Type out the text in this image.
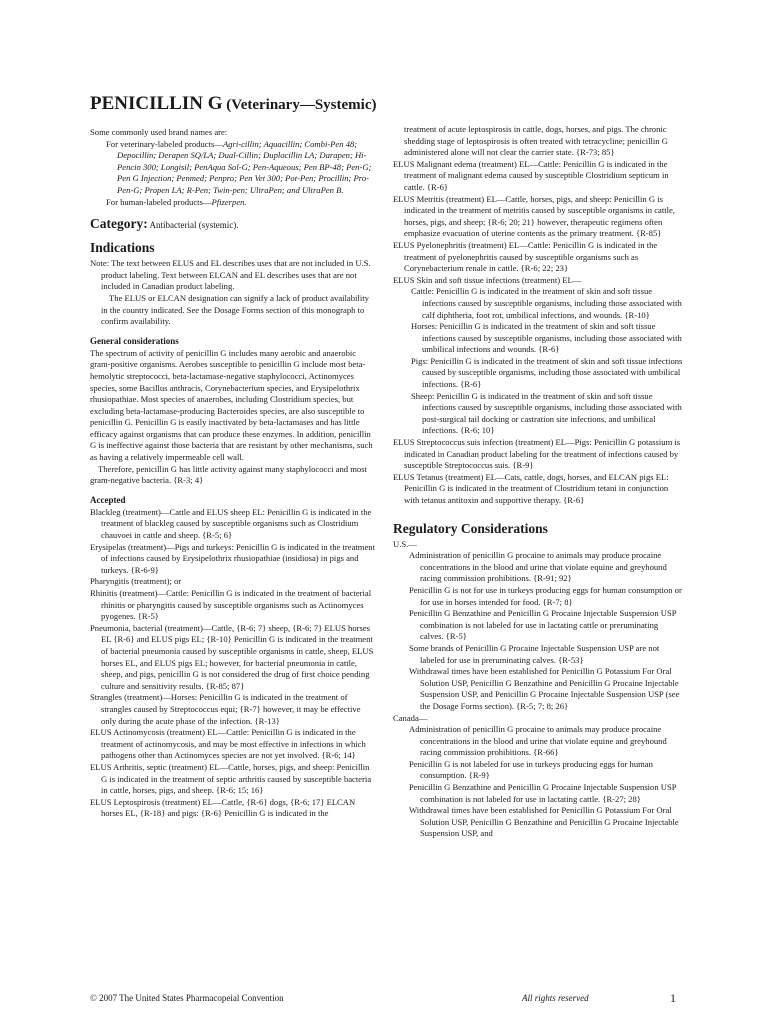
PENICILLIN G (Veterinary—Systemic)

Some commonly used brand names are:

For veterinary-labeled products—Agri-cillin; Aquacillin; Combi-Pen 48; Depocillin; Derapen SQ/LA; Dual-Cillin; Duplocillin LA; Darapen; Hi-Pencin 300; Longisil; PenAqua Sol-G; Pen-Aqueous; Pen BP-48; Pen-G; Pen G Injection; Penmed; Penpro; Pen Vet 300; Pot-Pen; Procillin; Pro-Pen-G; Propen LA; R-Pen; Twin-pen; UltraPen; and UltraPen B.

For human-labeled products—Pfizerpen.

Category: Antibacterial (systemic).
Indications

Note: The text between ELUS and EL describes uses that are not included in U.S. product labeling. Text between ELCAN and EL describes uses that are not included in Canadian product labeling.

The ELUS or ELCAN designation can signify a lack of product availability in the country indicated. See the Dosage Forms section of this monograph to confirm availability.

General considerations

The spectrum of activity of penicillin G includes many aerobic and anaerobic gram-positive organisms. Aerobes susceptible to penicillin G include most beta-hemolytic streptococci, beta-lactamase-negative staphylococci, Actinomyces species, some Bacillus anthracis, Corynebacterium species, and Erysipelothrix rhusiopathiae. Most species of anaerobes, including Clostridium species, but excluding beta-lactamase-producing Bacteroides species, are also susceptible to penicillin G. Penicillin G is easily inactivated by beta-lactamases and has little efficacy against organisms that can produce these enzymes. In addition, penicillin G is ineffective against those bacteria that are resistant by other mechanisms, such as having a relatively impermeable cell wall.

Therefore, penicillin G has little activity against many staphylococci and most gram-negative bacteria. {R-3; 4}

Accepted

Blackleg (treatment)—Cattle and ELUS sheep EL: Penicillin G is indicated in the treatment of blackleg caused by susceptible organisms such as Clostridium chauvoei in cattle and sheep. {R-5; 6}

Erysipelas (treatment)—Pigs and turkeys: Penicillin G is indicated in the treatment of infections caused by Erysipelothrix rhusiopathiae (insidiosa) in pigs and turkeys. {R-6-9}

Pharyngitis (treatment); or

Rhinitis (treatment)—Cattle: Penicillin G is indicated in the treatment of bacterial rhinitis or pharyngitis caused by susceptible organisms such as Actinomyces pyogenes. {R-5}

Pneumonia, bacterial (treatment)—Cattle, {R-6; 7} sheep, {R-6; 7} ELUS horses EL {R-6} and ELUS pigs EL; {R-10} Penicillin G is indicated in the treatment of bacterial pneumonia caused by susceptible organisms in cattle, sheep, ELUS horses EL, and ELUS pigs EL; however, for bacterial pneumonia in cattle, sheep, and pigs, penicillin G is not considered the drug of first choice pending culture and sensitivity results. {R-85; 87}

Strangles (treatment)—Horses: Penicillin G is indicated in the treatment of strangles caused by Streptococcus equi; {R-7} however, it may be effective only during the acute phase of the infection. {R-13}

ELUS Actinomycosis (treatment) EL—Cattle: Penicillin G is indicated in the treatment of actinomycosis, and may be most effective in infections in which pathogens other than Actinomyces species are not yet involved. {R-6; 14}

ELUS Arthritis, septic (treatment) EL—Cattle, horses, pigs, and sheep: Penicillin G is indicated in the treatment of septic arthritis caused by susceptible bacteria in cattle, horses, pigs, and sheep. {R-6; 15; 16}

ELUS Leptospirosis (treatment) EL—Cattle, {R-6} dogs, {R-6; 17} ELCAN horses EL, {R-18} and pigs: {R-6} Penicillin G is indicated in the

treatment of acute leptospirosis in cattle, dogs, horses, and pigs. The chronic shedding stage of leptospirosis is often treated with tetracycline; penicillin G administered alone will not clear the carrier state. {R-73; 85}

ELUS Malignant edema (treatment) EL—Cattle: Penicillin G is indicated in the treatment of malignant edema caused by susceptible Clostridium septicum in cattle. {R-6}

ELUS Metritis (treatment) EL—Cattle, horses, pigs, and sheep: Penicillin G is indicated in the treatment of metritis caused by susceptible organisms in cattle, horses, pigs, and sheep; {R-6; 20; 21} however, therapeutic regimens often emphasize evacuation of uterine contents as the primary treatment. {R-85}

ELUS Pyelonephritis (treatment) EL—Cattle: Penicillin G is indicated in the treatment of pyelonephritis caused by susceptible organisms such as Corynebacterium renale in cattle. {R-6; 22; 23}

ELUS Skin and soft tissue infections (treatment) EL—

Cattle: Penicillin G is indicated in the treatment of skin and soft tissue infections caused by susceptible organisms, including those associated with calf diphtheria, foot rot, umbilical infections, and wounds. {R-10}

Horses: Penicillin G is indicated in the treatment of skin and soft tissue infections caused by susceptible organisms, including those associated with umbilical infections and wounds. {R-6}

Pigs: Penicillin G is indicated in the treatment of skin and soft tissue infections caused by susceptible organisms, including those associated with umbilical infections. {R-6}

Sheep: Penicillin G is indicated in the treatment of skin and soft tissue infections caused by susceptible organisms, including those associated with post-surgical tail docking or castration site infections, and umbilical infections. {R-6; 10}

ELUS Streptococcus suis infection (treatment) EL—Pigs: Penicillin G potassium is indicated in Canadian product labeling for the treatment of infections caused by susceptible Streptococcus suis. {R-9}

ELUS Tetanus (treatment) EL—Cats, cattle, dogs, horses, and ELCAN pigs EL: Penicillin G is indicated in the treatment of Clostridium tetani in conjunction with tetanus antitoxin and supportive therapy. {R-6}

Regulatory Considerations

U.S.—

Administration of penicillin G procaine to animals may produce procaine concentrations in the blood and urine that violate equine and greyhound racing commission prohibitions. {R-91; 92}

Penicillin G is not for use in turkeys producing eggs for human consumption or for use in horses intended for food. {R-7; 8}

Penicillin G Benzathine and Penicillin G Procaine Injectable Suspension USP combination is not labeled for use in lactating cattle or preruminating calves. {R-5}

Some brands of Penicillin G Procaine Injectable Suspension USP are not labeled for use in preruminating calves. {R-53}

Withdrawal times have been established for Penicillin G Potassium For Oral Solution USP, Penicillin G Benzathine and Penicillin G Procaine Injectable Suspension USP, and Penicillin G Procaine Injectable Suspension USP (see the Dosage Forms section). {R-5; 7; 8; 26}

Canada—

Administration of penicillin G procaine to animals may produce procaine concentrations in the blood and urine that violate equine and greyhound racing commission prohibitions. {R-66}

Penicillin G is not labeled for use in turkeys producing eggs for human consumption. {R-9}

Penicillin G Benzathine and Penicillin G Procaine Injectable Suspension USP combination is not labeled for use in lactating cattle. {R-27; 28}

Withdrawal times have been established for Penicillin G Potassium For Oral Solution USP, Penicillin G Benzathine and Penicillin G Procaine Injectable Suspension USP, and

© 2007 The United States Pharmacopeial Convention	All rights reserved	1
